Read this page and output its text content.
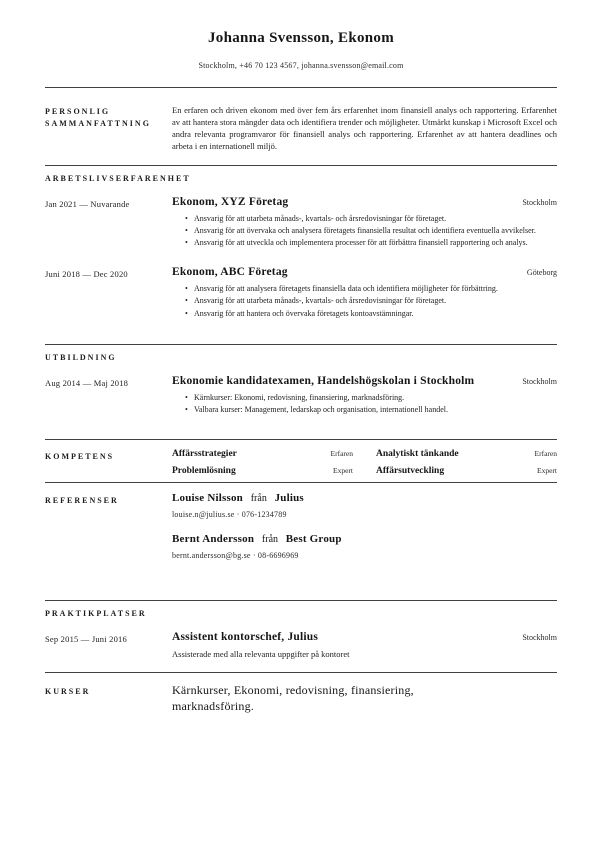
Johanna Svensson, Ekonom
Stockholm, +46 70 123 4567, johanna.svensson@email.com
PERSONLIG SAMMANFATTNING
En erfaren och driven ekonom med över fem års erfarenhet inom finansiell analys och rapportering. Erfarenhet av att hantera stora mängder data och identifiera trender och möjligheter. Utmärkt kunskap i Microsoft Excel och andra relevanta programvaror för finansiell analys och rapportering. Erfarenhet av att hantera deadlines och arbeta i en internationell miljö.
ARBETSLIVSERFARENHET
Jan 2021 — Nuvarande	Ekonom, XYZ Företag	Stockholm
• Ansvarig för att utarbeta månads-, kvartals- och årsredovisningar för företaget.
• Ansvarig för att övervaka och analysera företagets finansiella resultat och identifiera eventuella avvikelser.
• Ansvarig för att utveckla och implementera processer för att förbättra finansiell rapportering och analys.
Juni 2018 — Dec 2020	Ekonom, ABC Företag	Göteborg
• Ansvarig för att analysera företagets finansiella data och identifiera möjligheter för förbättring.
• Ansvarig för att utarbeta månads-, kvartals- och årsredovisningar för företaget.
• Ansvarig för att hantera och övervaka företagets kontoavstämningar.
UTBILDNING
Aug 2014 — Maj 2018	Ekonomie kandidatexamen, Handelshögskolan i Stockholm	Stockholm
• Kärnkurser: Ekonomi, redovisning, finansiering, marknadsföring.
• Valbara kurser: Management, ledarskap och organisation, internationell handel.
KOMPETENS	Affärsstrategier	Erfaren Analytiskt tänkande	Erfaren
Problemlösning	Expert Affärsutveckling	Expert
REFERENSER	Louise Nilsson från Julius
louise.n@julius.se · 076-1234789
Bernt Andersson från Best Group
bernt.andersson@bg.se · 08-6696969
PRAKTIKPLATSER
Sep 2015 — Juni 2016	Assistent kontorschef, Julius	Stockholm
Assisterade med alla relevanta uppgifter på kontoret
KURSER	Kärnkurser, Ekonomi, redovisning, finansiering, marknadsföring.
